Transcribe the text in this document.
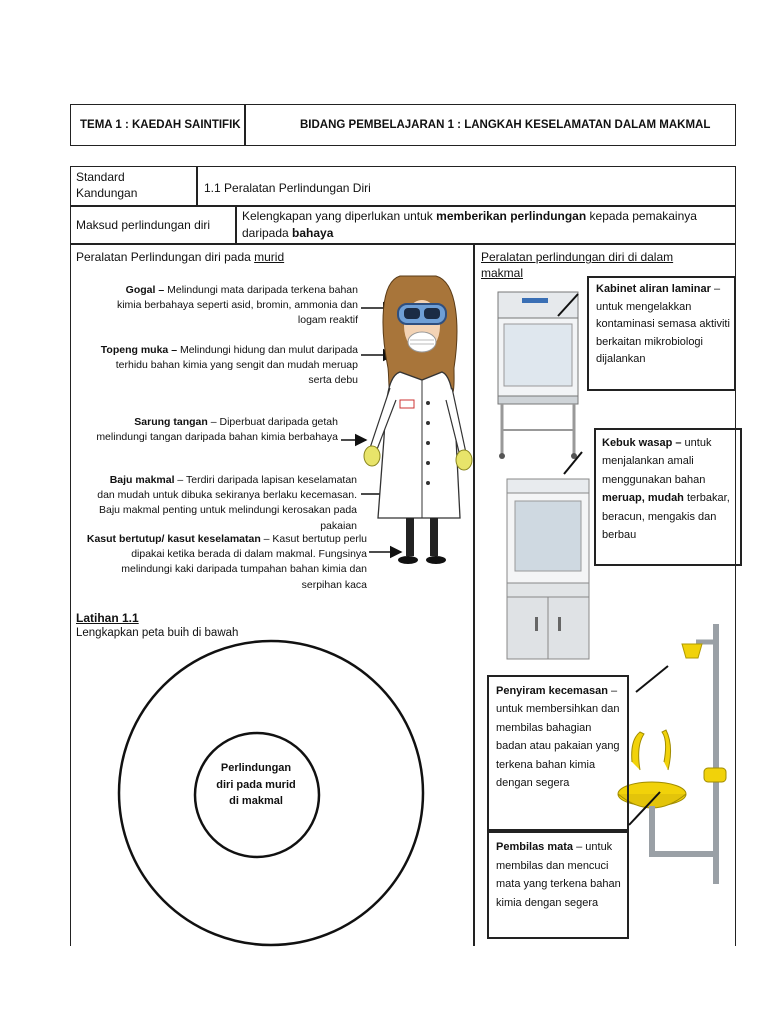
TEMA 1 : KAEDAH SAINTIFIK	BIDANG PEMBELAJARAN 1 : LANGKAH KESELAMATAN DALAM MAKMAL
Standard Kandungan	1.1 Peralatan Perlindungan Diri
Maksud perlindungan diri
Kelengkapan yang diperlukan untuk memberikan perlindungan kepada pemakainya daripada bahaya
Peralatan Perlindungan diri pada murid
Gogal – Melindungi mata daripada terkena bahan kimia berbahaya seperti asid, bromin, ammonia dan logam reaktif
Topeng muka – Melindungi hidung dan mulut daripada terhidu bahan kimia yang sengit dan mudah meruap serta debu
Sarung tangan – Diperbuat daripada getah melindungi tangan daripada bahan kimia berbahaya
Baju makmal – Terdiri daripada lapisan keselamatan dan mudah untuk dibuka sekiranya berlaku kecemasan. Baju makmal penting untuk melindungi kerosakan pada pakaian
Kasut bertutup/ kasut keselamatan – Kasut bertutup perlu dipakai ketika berada di dalam makmal. Fungsinya melindungi kaki daripada tumpahan bahan kimia dan serpihan kaca
Latihan 1.1
Lengkapkan peta buih di bawah
Perlindungan diri pada murid di makmal
Peralatan perlindungan diri di dalam makmal
Kabinet aliran laminar – untuk mengelakkan kontaminasi semasa aktiviti berkaitan mikrobiologi dijalankan
Kebuk wasap – untuk menjalankan amali menggunakan bahan meruap, mudah terbakar, beracun, mengakis dan berbau
Penyiram kecemasan – untuk membersihkan dan membilas bahagian badan atau pakaian yang terkena bahan kimia dengan segera
Pembilas mata – untuk membilas dan mencuci mata yang terkena bahan kimia dengan segera
